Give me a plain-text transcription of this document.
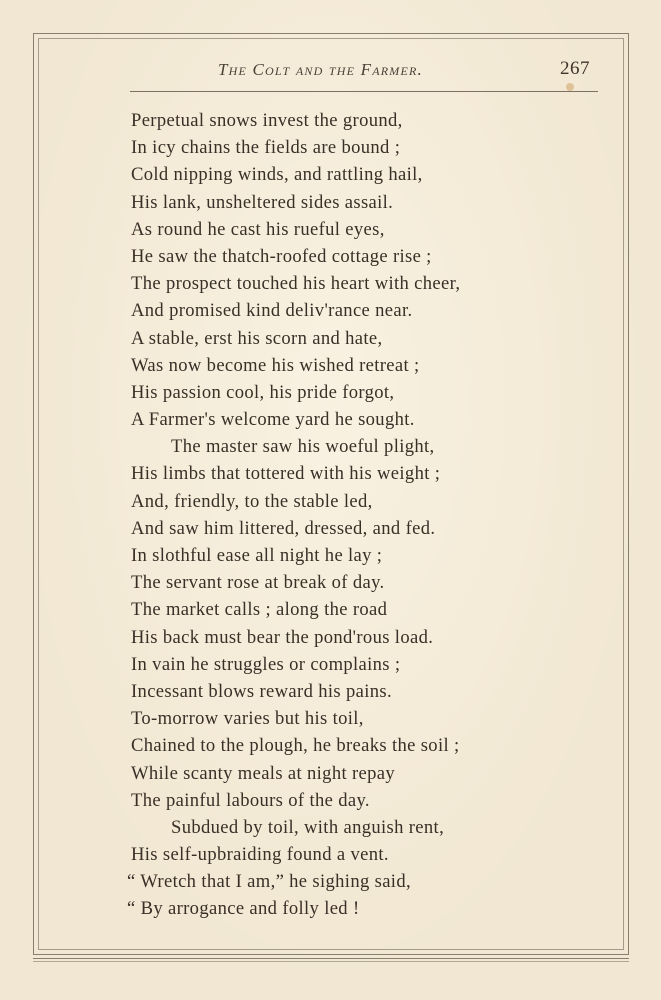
The Colt and the Farmer.	267
Perpetual snows invest the ground,
In icy chains the fields are bound ;
Cold nipping winds, and rattling hail,
His lank, unsheltered sides assail.
As round he cast his rueful eyes,
He saw the thatch-roofed cottage rise ;
The prospect touched his heart with cheer,
And promised kind deliv'rance near.
A stable, erst his scorn and hate,
Was now become his wished retreat ;
His passion cool, his pride forgot,
A Farmer's welcome yard he sought.
The master saw his woeful plight,
His limbs that tottered with his weight ;
And, friendly, to the stable led,
And saw him littered, dressed, and fed.
In slothful ease all night he lay ;
The servant rose at break of day.
The market calls ; along the road
His back must bear the pond'rous load.
In vain he struggles or complains ;
Incessant blows reward his pains.
To-morrow varies but his toil,
Chained to the plough, he breaks the soil ;
While scanty meals at night repay
The painful labours of the day.
Subdued by toil, with anguish rent,
His self-upbraiding found a vent.
“ Wretch that I am,” he sighing said,
“ By arrogance and folly led !
